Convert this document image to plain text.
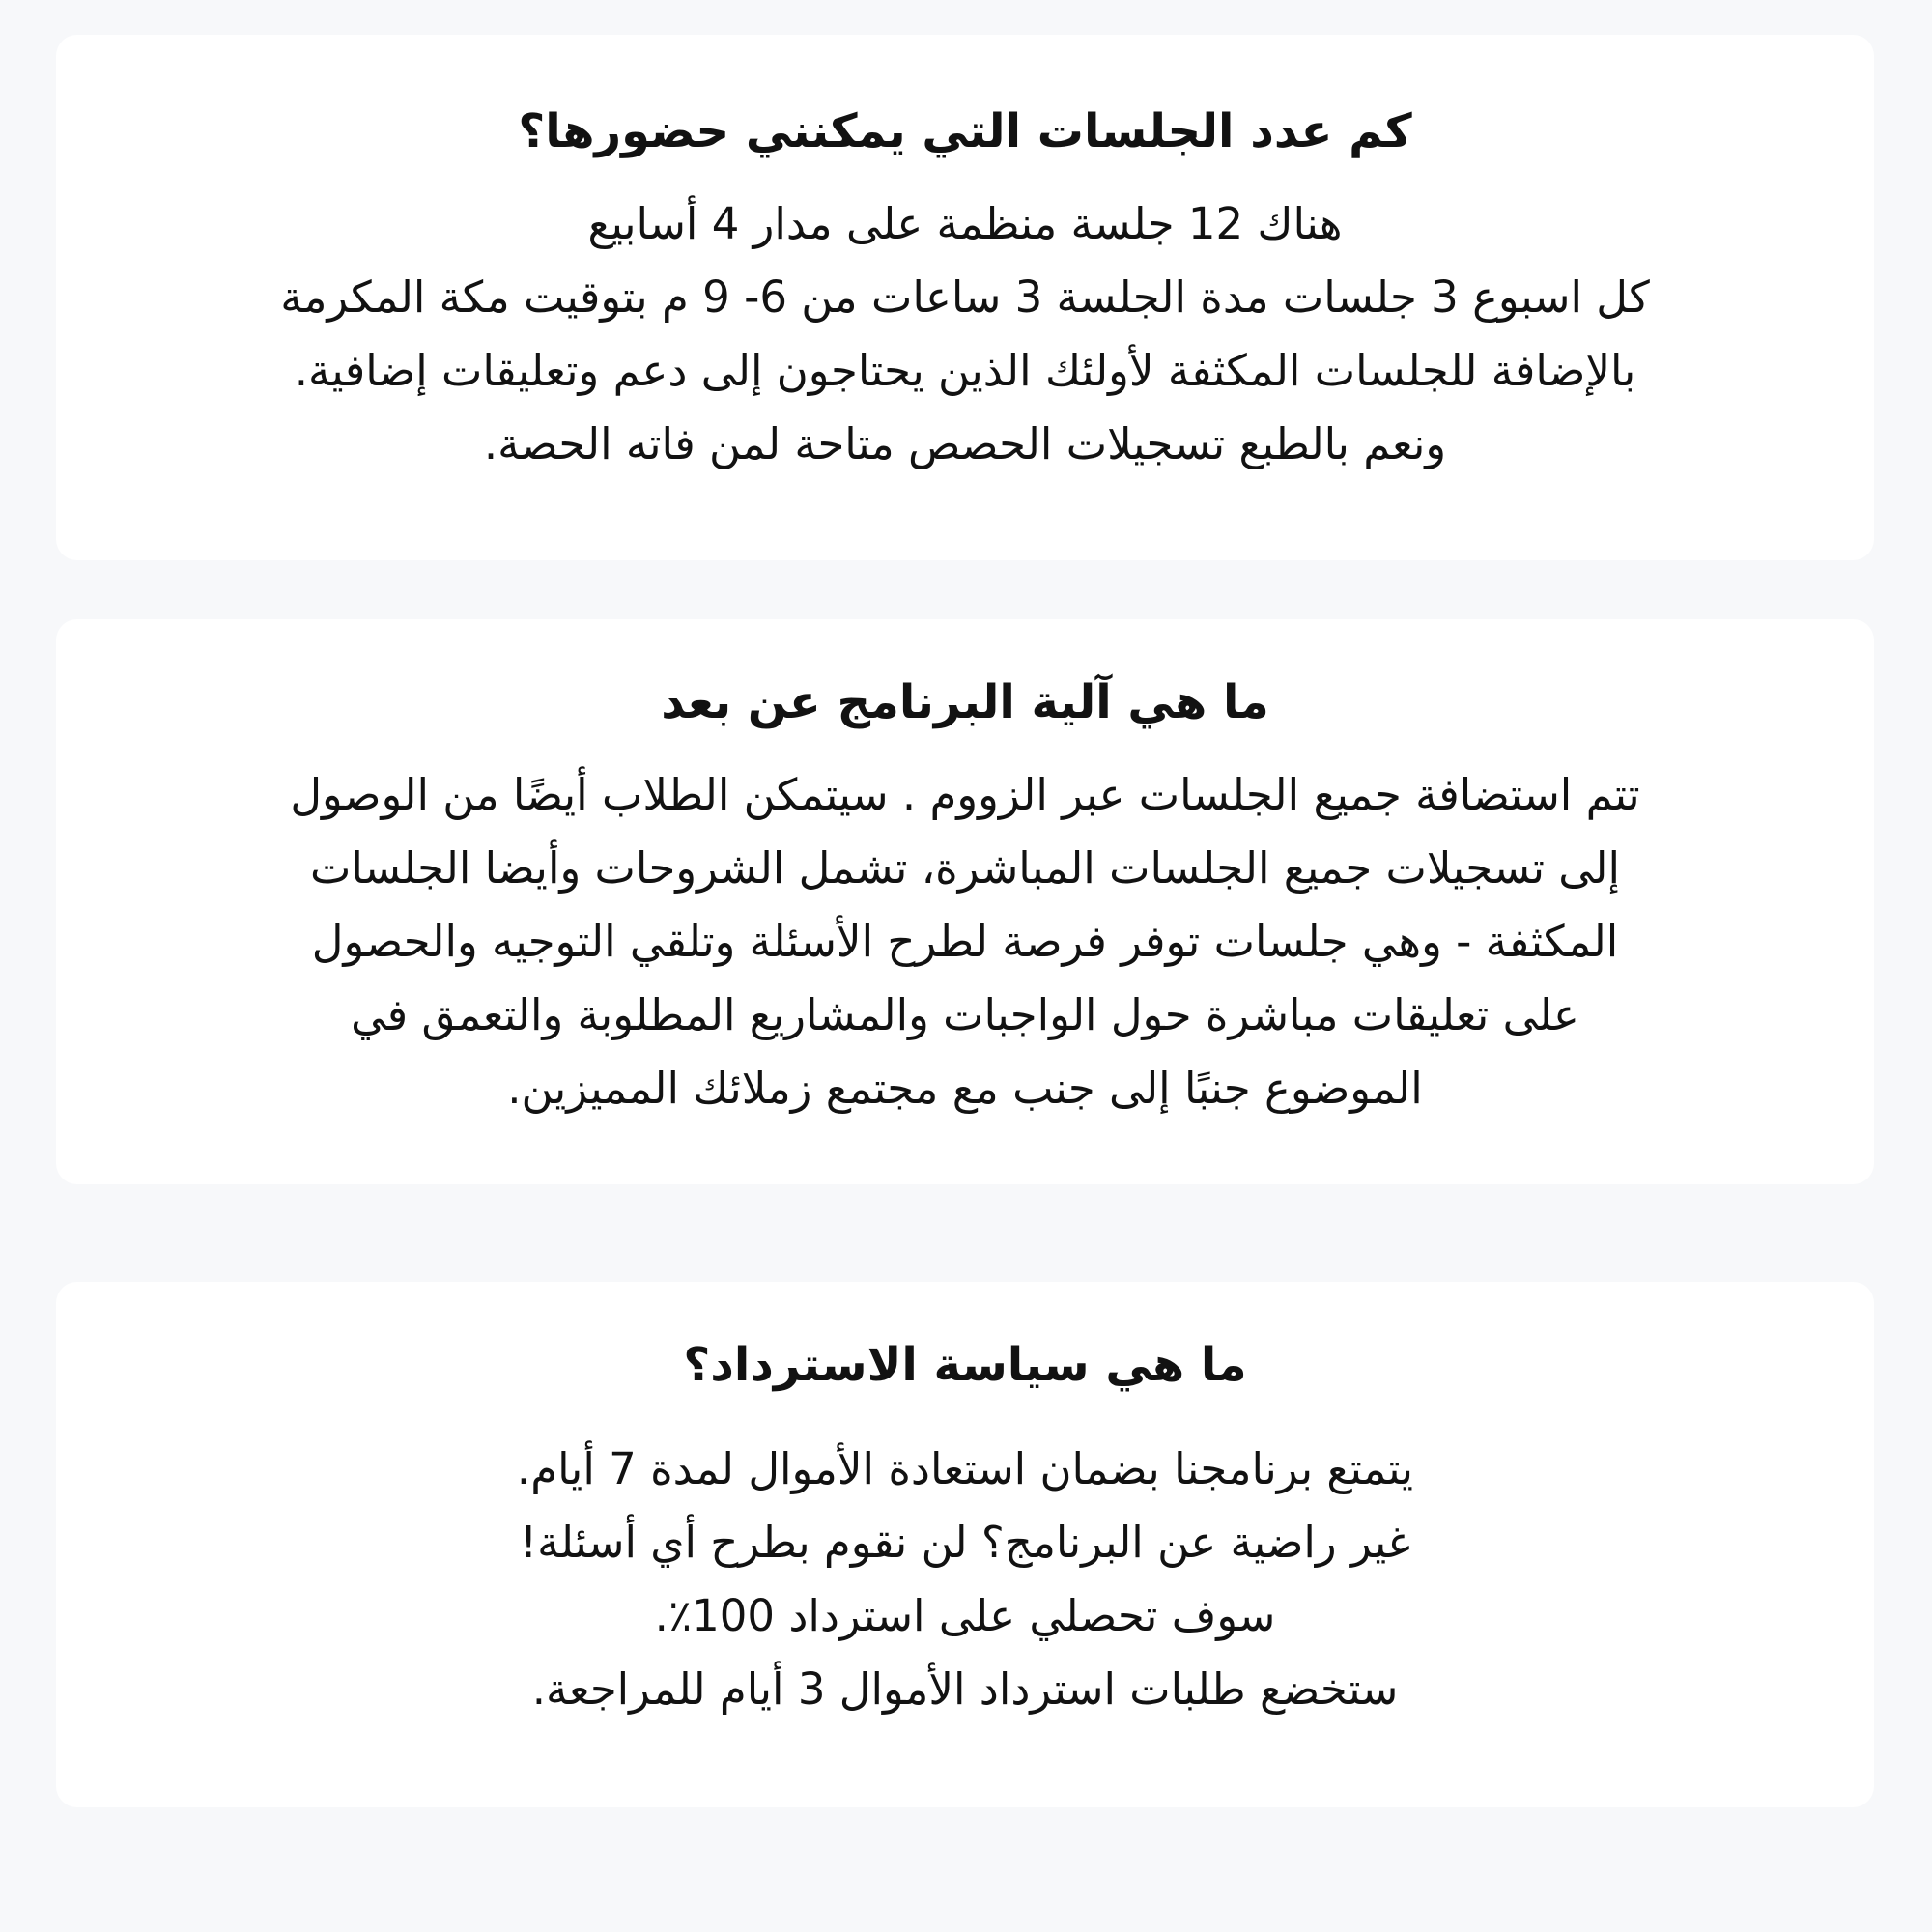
كم عدد الجلسات التي يمكنني حضورها؟

هناك 12 جلسة منظمة على مدار 4 أسابيع
كل اسبوع 3 جلسات مدة الجلسة 3 ساعات من 6- 9 م بتوقيت مكة المكرمة
بالإضافة للجلسات المكثفة لأولئك الذين يحتاجون إلى دعم وتعليقات إضافية.
ونعم بالطبع تسجيلات الحصص متاحة لمن فاته الحصة.

ما هي آلية البرنامج عن بعد

تتم استضافة جميع الجلسات عبر الزووم . سيتمكن الطلاب أيضًا من الوصول
إلى تسجيلات جميع الجلسات المباشرة، تشمل الشروحات وأيضا الجلسات
المكثفة - وهي جلسات توفر فرصة لطرح الأسئلة وتلقي التوجيه والحصول
على تعليقات مباشرة حول الواجبات والمشاريع المطلوبة والتعمق في
الموضوع جنبًا إلى جنب مع مجتمع زملائك المميزين.

ما هي سياسة الاسترداد؟

يتمتع برنامجنا بضمان استعادة الأموال لمدة 7 أيام.
غير راضية عن البرنامج؟ لن نقوم بطرح أي أسئلة!
سوف تحصلي على استرداد 100٪.
ستخضع طلبات استرداد الأموال 3 أيام للمراجعة.
